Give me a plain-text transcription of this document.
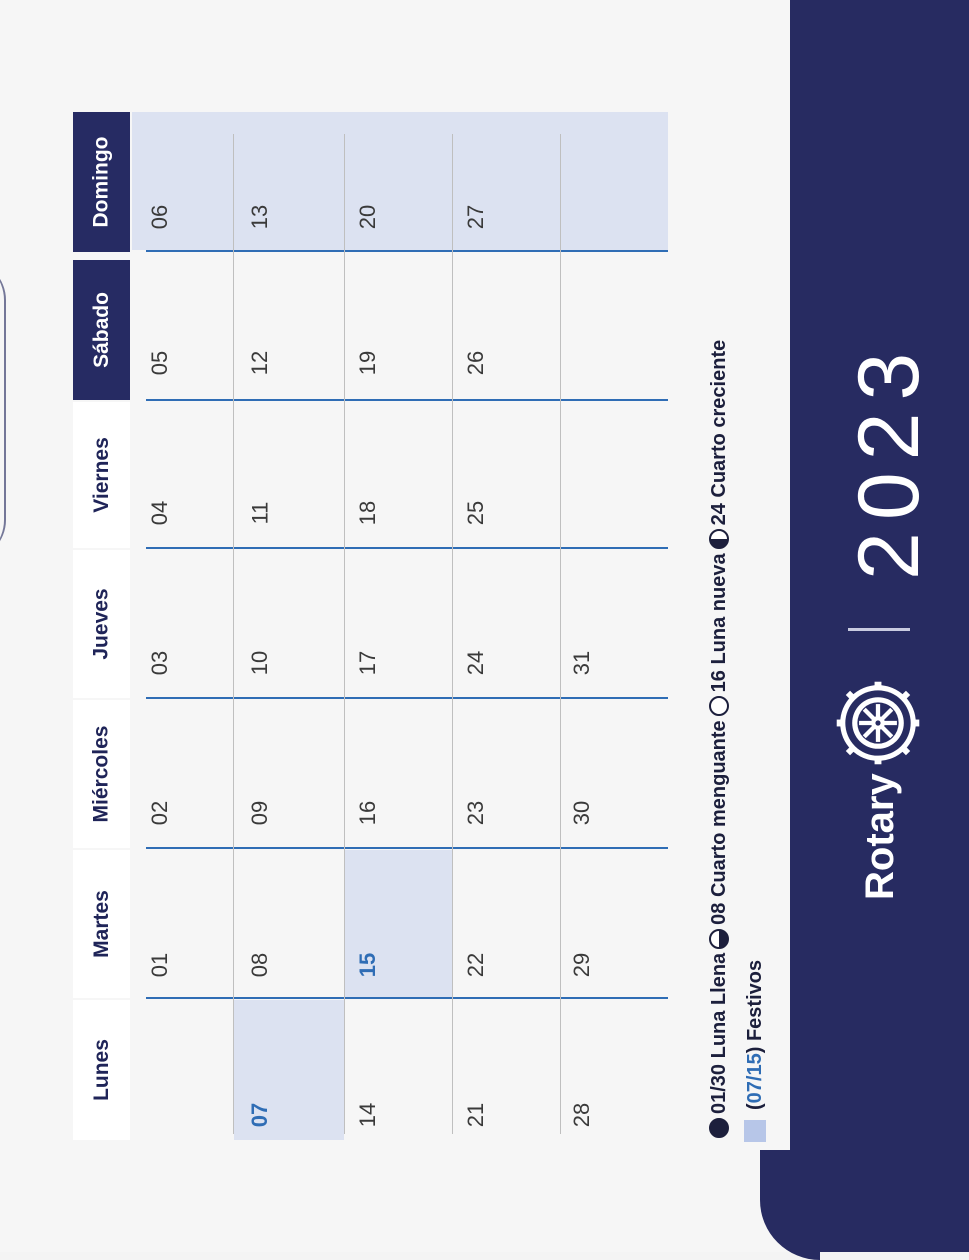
Lunes
Martes
Miércoles
Jueves
Viernes
Sábado
Domingo
01
02
03
04
05
06
07
08
09
10
11
12
13
14
15
16
17
18
19
20
21
22
23
24
25
26
27
28
29
30
31
01/30 Luna Llena
08 Cuarto menguante
16 Luna nueva
24 Cuarto creciente
(
07
/
15
) Festivos
Rotary
2023
